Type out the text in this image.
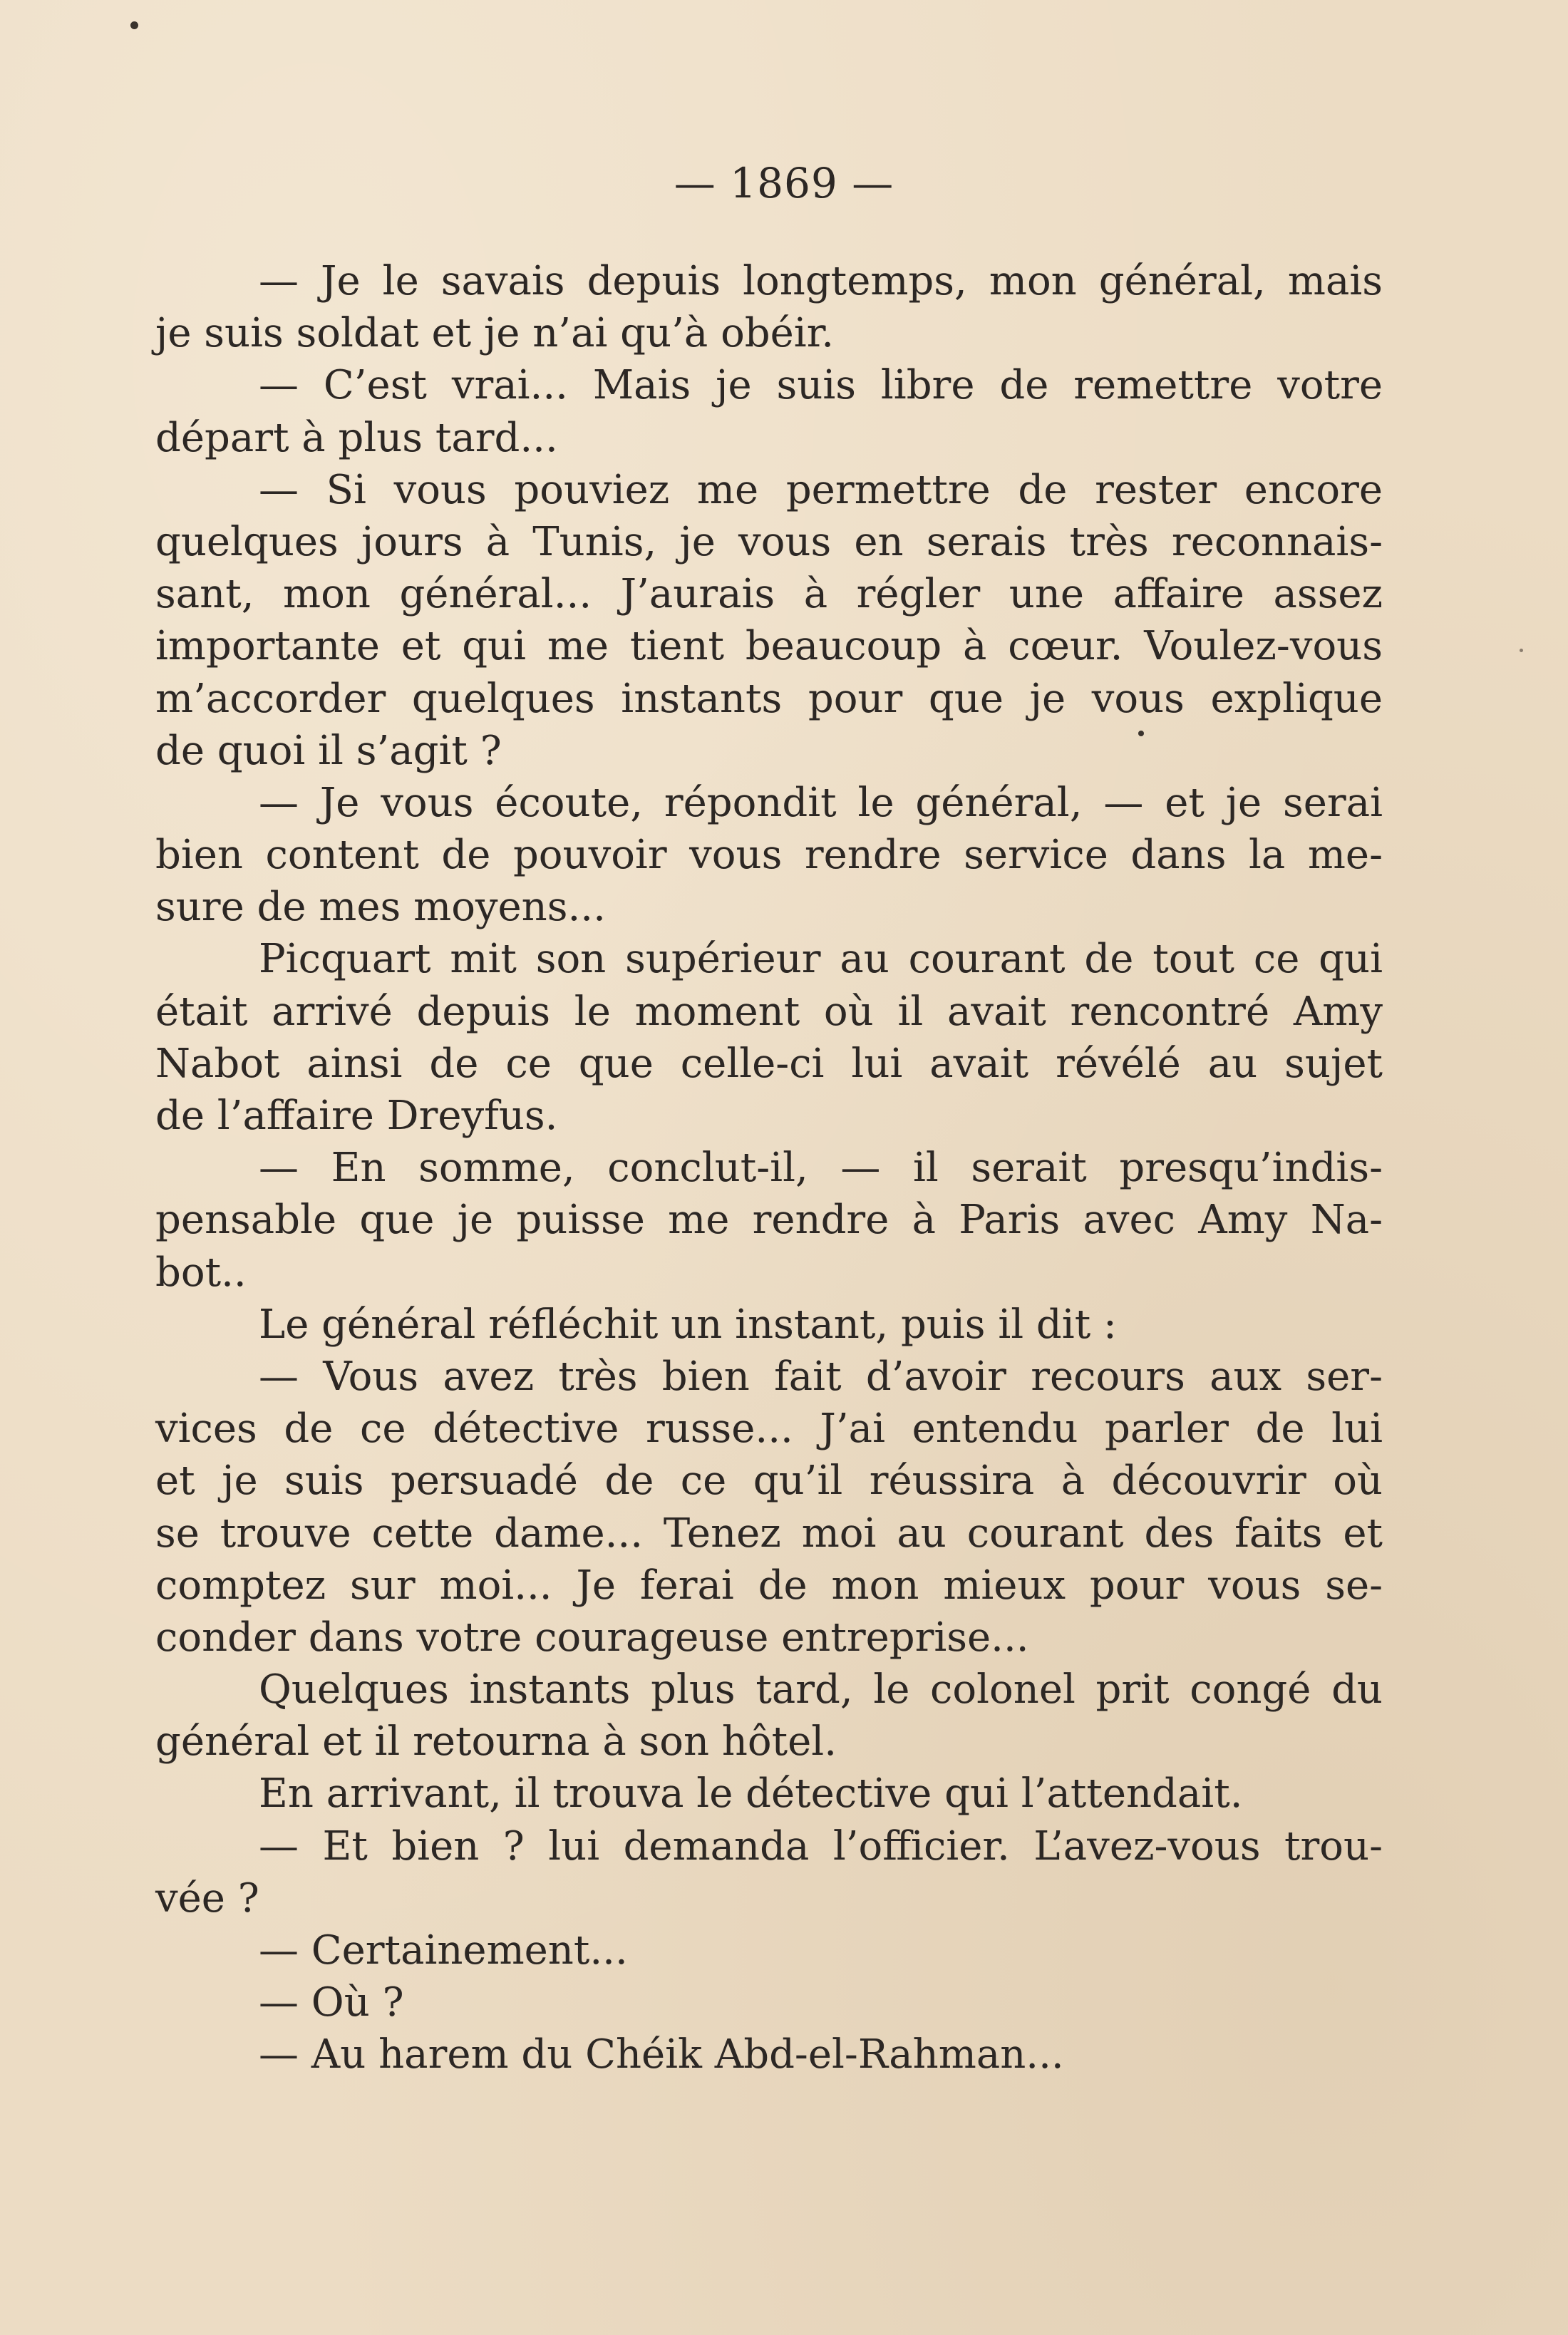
— 1869 —
— Je le savais depuis longtemps, mon général, mais
je suis soldat et je n’ai qu’à obéir.
— C’est vrai... Mais je suis libre de remettre votre
départ à plus tard...
— Si vous pouviez me permettre de rester encore
quelques jours à Tunis, je vous en serais très reconnais-
sant, mon général... J’aurais à régler une affaire assez
importante et qui me tient beaucoup à cœur. Voulez-vous
m’accorder quelques instants pour que je vous explique
de quoi il s’agit ?
— Je vous écoute, répondit le général, — et je serai
bien content de pouvoir vous rendre service dans la me-
sure de mes moyens...
Picquart mit son supérieur au courant de tout ce qui
était arrivé depuis le moment où il avait rencontré Amy
Nabot ainsi de ce que celle-ci lui avait révélé au sujet
de l’affaire Dreyfus.
— En somme, conclut-il, — il serait presqu’indis-
pensable que je puisse me rendre à Paris avec Amy Na-
bot..
Le général réfléchit un instant, puis il dit :
— Vous avez très bien fait d’avoir recours aux ser-
vices de ce détective russe... J’ai entendu parler de lui
et je suis persuadé de ce qu’il réussira à découvrir où
se trouve cette dame... Tenez moi au courant des faits et
comptez sur moi... Je ferai de mon mieux pour vous se-
conder dans votre courageuse entreprise...
Quelques instants plus tard, le colonel prit congé du
général et il retourna à son hôtel.
En arrivant, il trouva le détective qui l’attendait.
— Et bien ? lui demanda l’officier. L’avez-vous trou-
vée ?
— Certainement...
— Où ?
— Au harem du Chéik Abd-el-Rahman...
